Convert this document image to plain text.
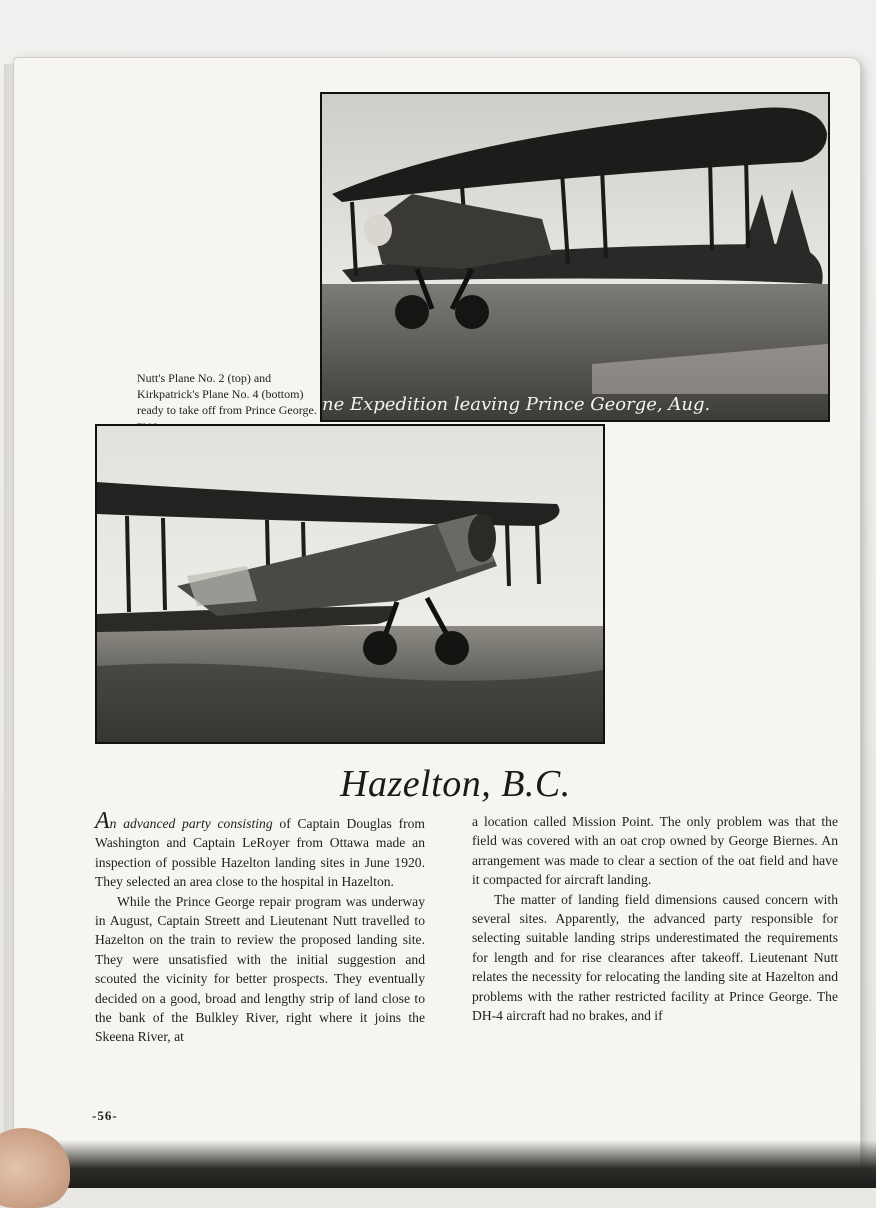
ne Expedition leaving Prince George, Aug.
Nutt's Plane No. 2 (top) and Kirkpatrick's Plane No. 4 (bottom) ready to take off from Prince George.
Hazelton, B.C.

An advanced party consisting of Captain Douglas from Washington and Captain LeRoyer from Ottawa made an inspection of possible Hazelton landing sites in June 1920. They selected an area close to the hospital in Hazelton.

While the Prince George repair program was underway in August, Captain Streett and Lieutenant Nutt travelled to Hazelton on the train to review the proposed landing site. They were unsatisfied with the initial suggestion and scouted the vicinity for better prospects. They eventually decided on a good, broad and lengthy strip of land close to the bank of the Bulkley River, right where it joins the Skeena River, at

a location called Mission Point. The only problem was that the field was covered with an oat crop owned by George Biernes. An arrangement was made to clear a section of the oat field and have it compacted for aircraft landing.

The matter of landing field dimensions caused concern with several sites. Apparently, the advanced party responsible for selecting suitable landing strips underestimated the requirements for length and for rise clearances after takeoff. Lieutenant Nutt relates the necessity for relocating the landing site at Hazelton and problems with the rather restricted facility at Prince George. The DH-4 aircraft had no brakes, and if

-56-
